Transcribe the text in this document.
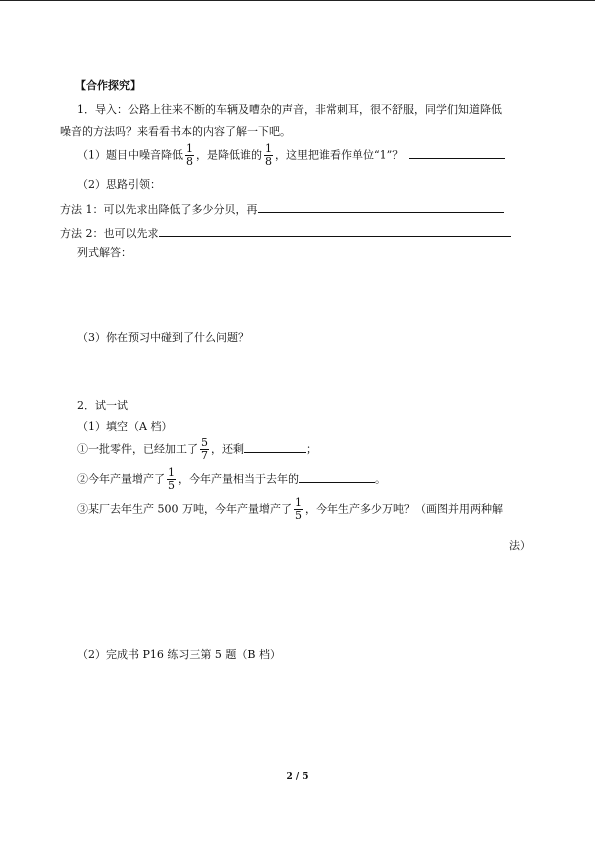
【合作探究】
1．导入：公路上往来不断的车辆及嘈杂的声音，非常刺耳，很不舒服，同学们知道降低
噪音的方法吗？来看看书本的内容了解一下吧。
（1）题目中噪音降低 $\frac{1}{8}$ ，是降低谁的 $\frac{1}{8}$ ，这里把谁看作单位“1”？
（2）思路引领：
方法 1：可以先求出降低了多少分贝，再
方法 2：也可以先求
列式解答：
（3）你在预习中碰到了什么问题？
2．试一试
（1）填空（A 档）
①一批零件，已经加工了 $\frac{5}{7}$ ，还剩	；
②今年产量增产了 $\frac{1}{5}$ ，今年产量相当于去年的	。
③某厂去年生产 500 万吨，今年产量增产了 $\frac{1}{5}$ ，今年生产多少万吨？（画图并用两种解
法）
（2）完成书 P16 练习三第 5 题（B 档）
2 / 5
